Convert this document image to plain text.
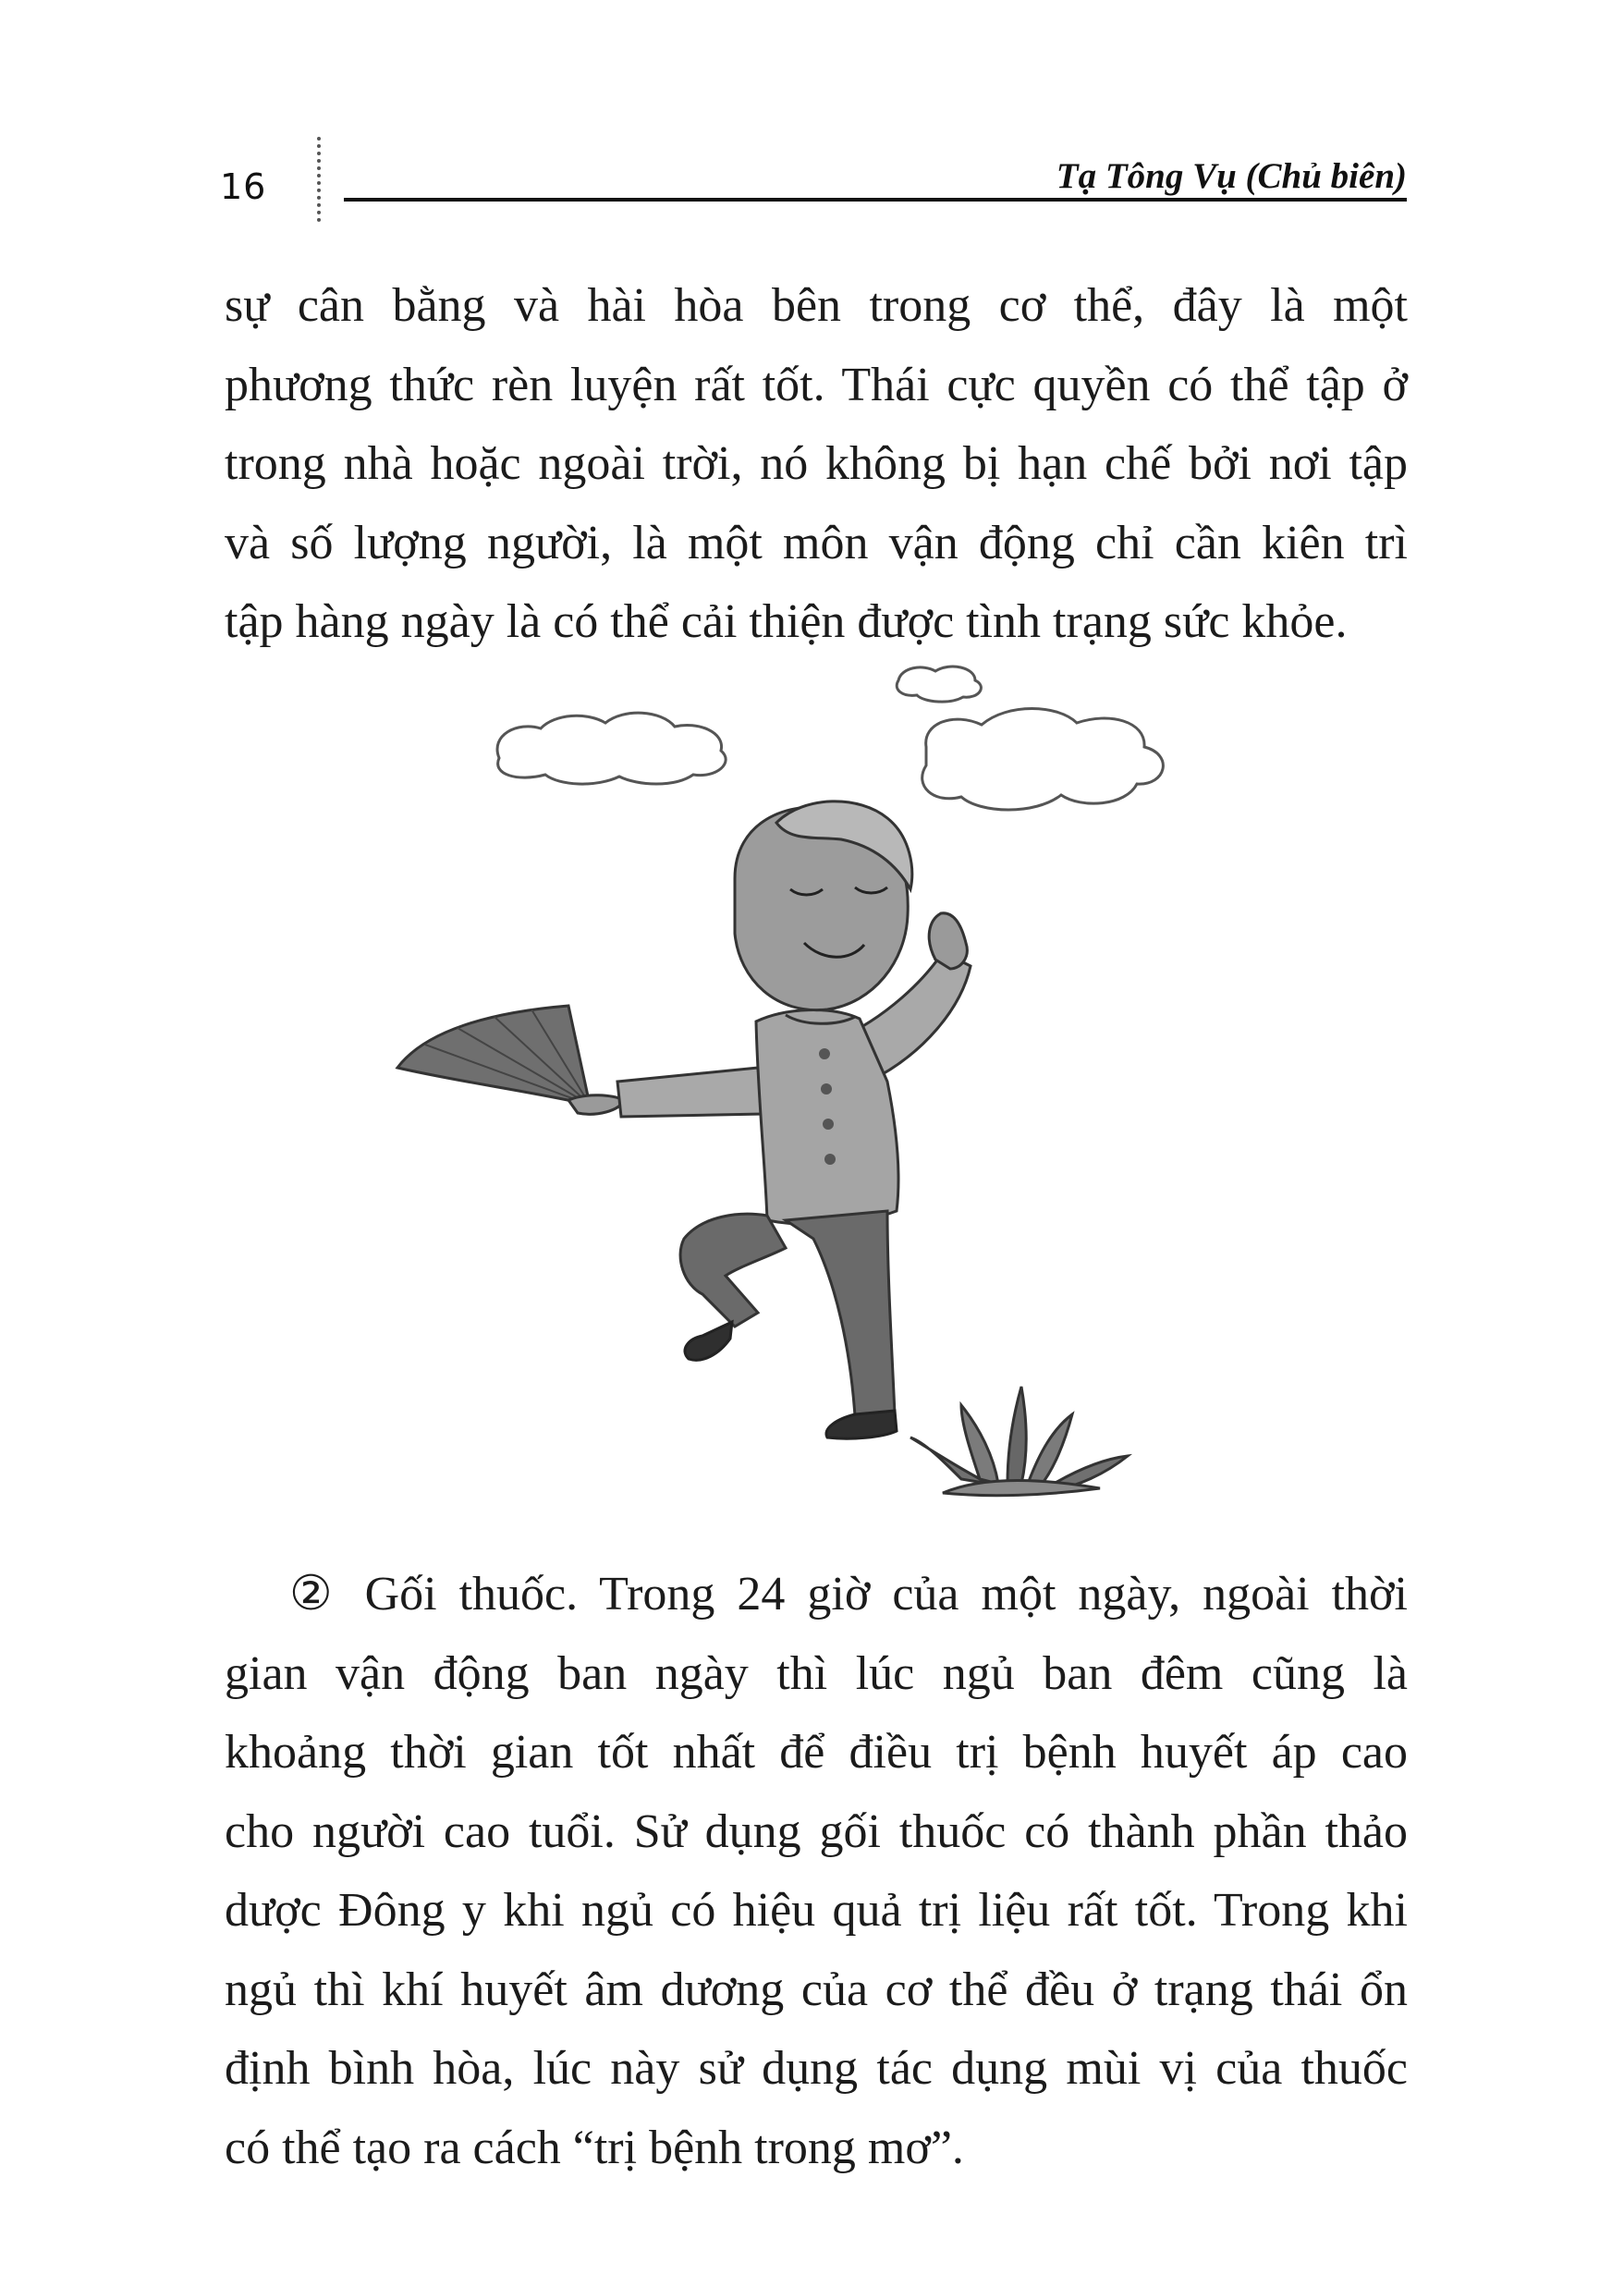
16	Tạ Tông Vụ (Chủ biên)
sự cân bằng và hài hòa bên trong cơ thể, đây là một
phương thức rèn luyện rất tốt. Thái cực quyền có thể tập ở
trong nhà hoặc ngoài trời, nó không bị hạn chế bởi nơi tập
và số lượng người, là một môn vận động chỉ cần kiên trì
tập hàng ngày là có thể cải thiện được tình trạng sức khỏe.
② Gối thuốc. Trong 24 giờ của một ngày, ngoài thời
gian vận động ban ngày thì lúc ngủ ban đêm cũng là
khoảng thời gian tốt nhất để điều trị bệnh huyết áp cao
cho người cao tuổi. Sử dụng gối thuốc có thành phần thảo
dược Đông y khi ngủ có hiệu quả trị liệu rất tốt. Trong khi
ngủ thì khí huyết âm dương của cơ thể đều ở trạng thái ổn
định bình hòa, lúc này sử dụng tác dụng mùi vị của thuốc
có thể tạo ra cách “trị bệnh trong mơ”.
